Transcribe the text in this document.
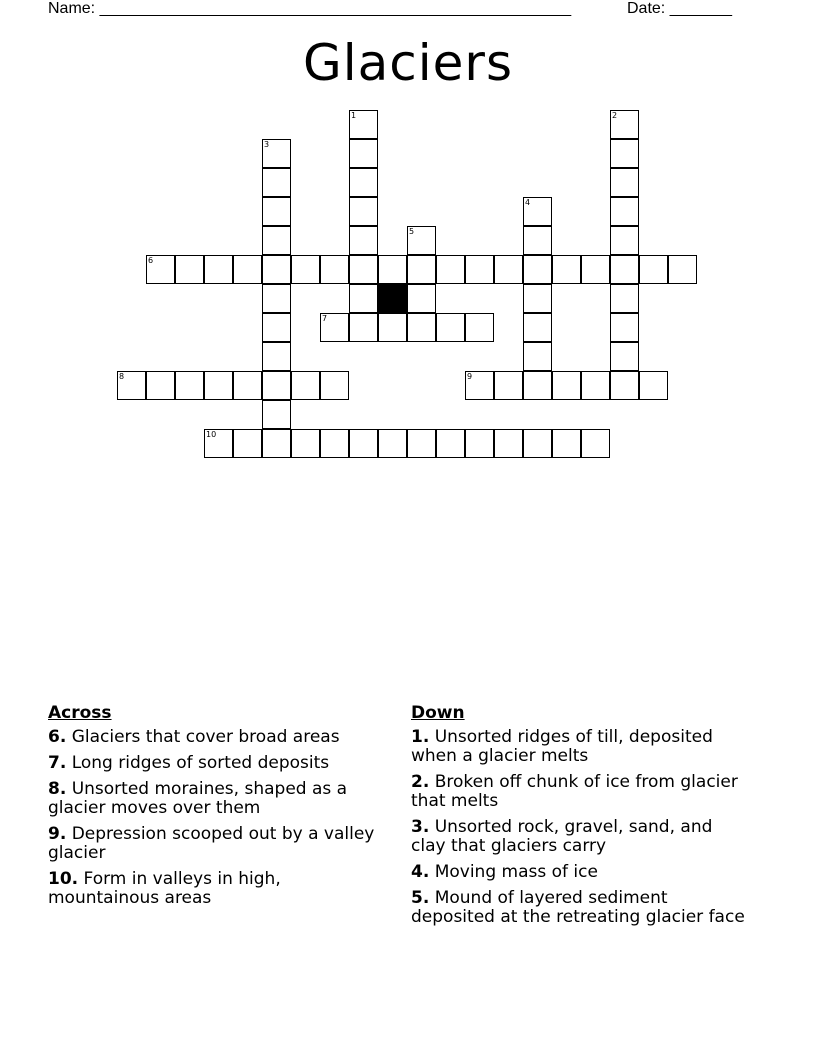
Name: _____________________________________________________	Date: _______
Glaciers
1	2
3
4
5
6
7
8	9
10
Across
6. Glaciers that cover broad areas
7. Long ridges of sorted deposits
8. Unsorted moraines, shaped as a glacier moves over them
9. Depression scooped out by a valley glacier
10. Form in valleys in high, mountainous areas
Down
1. Unsorted ridges of till, deposited when a glacier melts
2. Broken off chunk of ice from glacier that melts
3. Unsorted rock, gravel, sand, and clay that glaciers carry
4. Moving mass of ice
5. Mound of layered sediment deposited at the retreating glacier face
